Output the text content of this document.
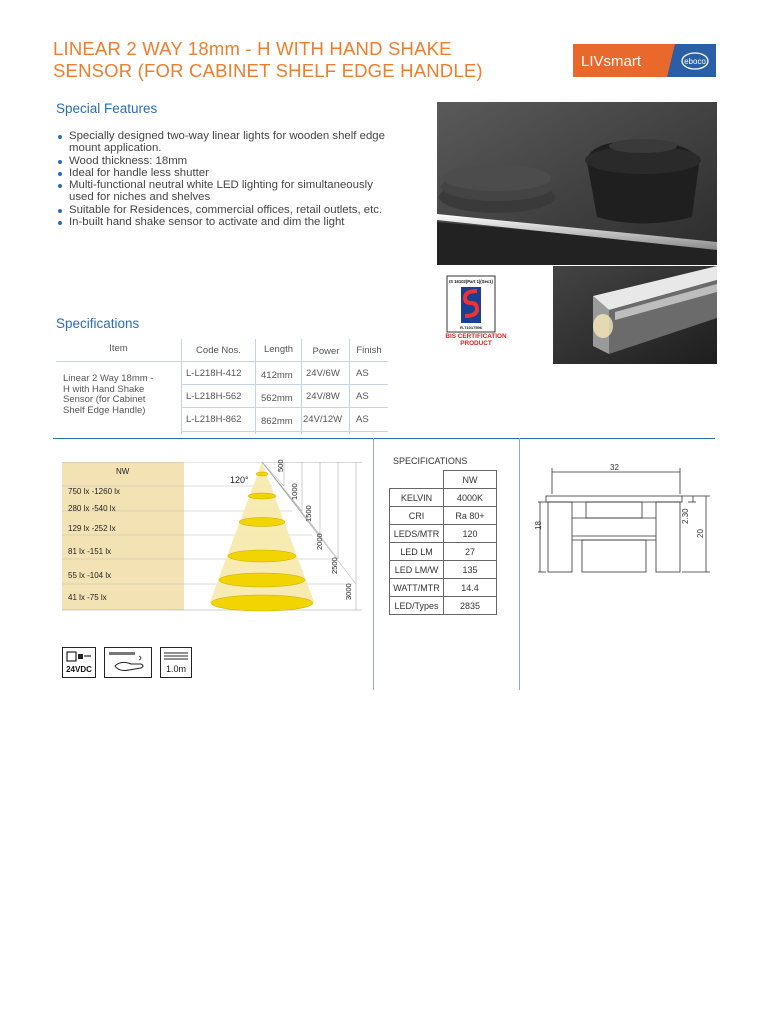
LINEAR 2 WAY 18mm - H WITH HAND SHAKE
SENSOR (FOR CABINET SHELF EDGE HANDLE)	LIVsmart	eboco
Special Features
Specially designed two-way linear lights for wooden shelf edge mount application.
Wood thickness: 18mm
Ideal for handle less shutter
Multi-functional neutral white LED lighting for simultaneously used for niches and shelves
Suitable for Residences, commercial offices, retail outlets, etc.
In-built hand shake sensor to activate and dim the light
IS 16102(Part 1)(Sec1)
R-71017596
BIS CERTIFICATION
PRODUCT
Specifications
Item	Code Nos.	Length	Power	Finish
Linear 2 Way 18mm -
H with Hand Shake
Sensor (for Cabinet
Shelf Edge Handle)
L-L218H-412 412mm 24V/6W AS
L-L218H-562 562mm 24V/8W AS
L-L218H-862 862mm 24V/12W AS
NW
120°
750 lx -1260 lx
280 lx -540 lx
129 lx -252 lx
81 lx -151 lx
55 lx -104 lx
41 lx -75 lx
500
1000
1500
2000
2500
3000
24VDC	1.0m
SPECIFICATIONS
	NW
KELVIN	4000K
CRI	Ra 80+
LEDS/MTR	120
LED LM	27
LED LM/W	135
WATT/MTR	14.4
LED/Types	2835
32
18
20
2.30
